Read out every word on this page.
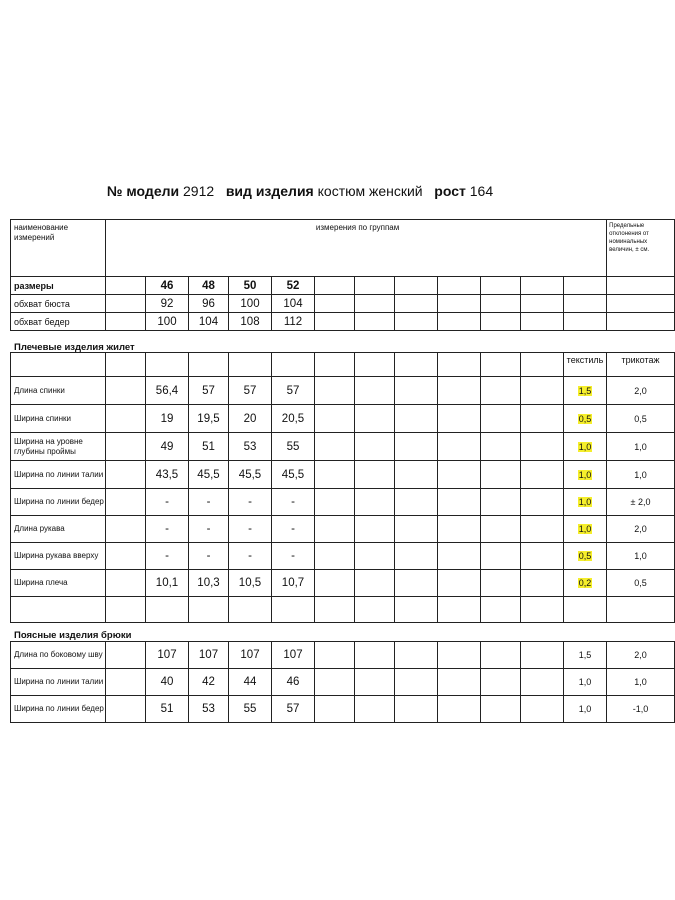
№ модели 2912 вид изделия костюм женский рост 164
наименование измерений	измерения по группам												Предельные отклонения от номинальных величин, ± см.
размеры		46	48	50	52								
обхват бюста		92	96	100	104								
обхват бедер		100	104	108	112								
Плечевые изделия жилет
												текстиль	трикотаж
Длина спинки		56,4	57	57	57							1,5	2,0
Ширина спинки		19	19,5	20	20,5							0,5	0,5
Ширина на уровне глубины проймы		49	51	53	55							1,0	1,0
Ширина по линии талии		43,5	45,5	45,5	45,5							1,0	1,0
Ширина по линии бедер		-	-	-	-							1,0	± 2,0
Длина рукава		-	-	-	-							1,0	2,0
Ширина рукава вверху		-	-	-	-							0,5	1,0
Ширина плеча		10,1	10,3	10,5	10,7							0,2	0,5

Поясные изделия брюки
Длина по боковому шву		107	107	107	107							1,5	2,0
Ширина по линии талии		40	42	44	46							1,0	1,0
Ширина по линии бедер		51	53	55	57							1,0	-1,0
